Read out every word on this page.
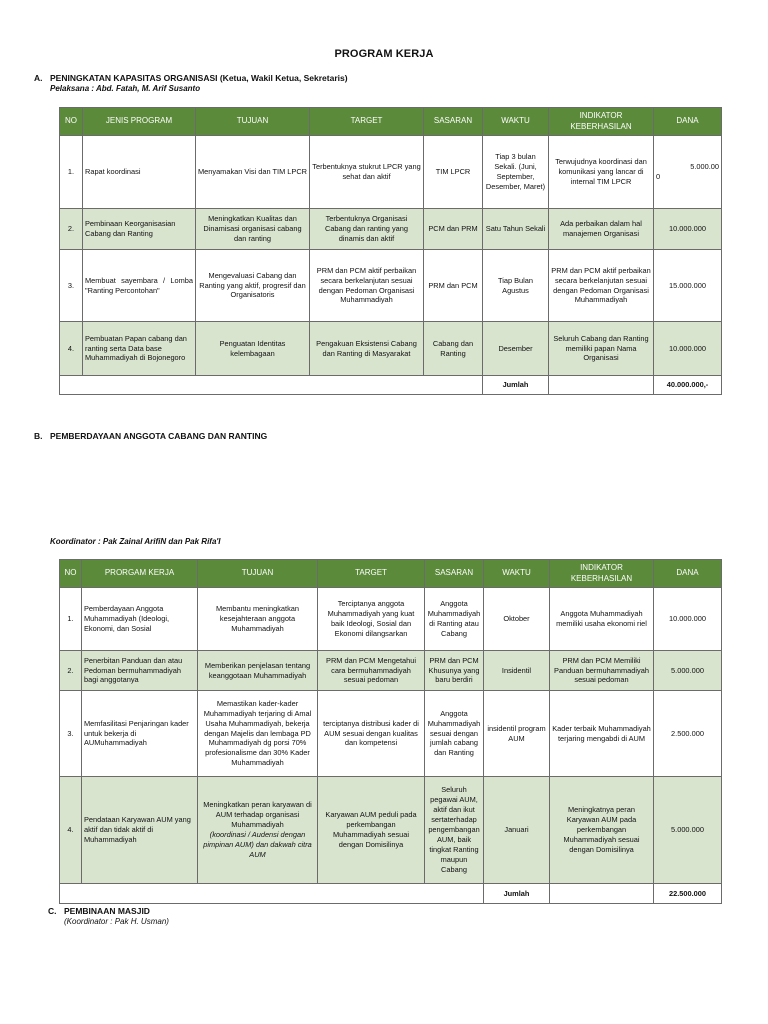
PROGRAM KERJA
A. PENINGKATAN KAPASITAS ORGANISASI (Ketua, Wakil Ketua, Sekretaris)
Pelaksana : Abd. Fatah, M. Arif Susanto
NO	JENIS PROGRAM	TUJUAN	TARGET	SASARAN	WAKTU	INDIKATOR KEBERHASILAN	DANA
1.	Rapat koordinasi	Menyamakan Visi dan TIM LPCR	Terbentuknya stukrut LPCR yang sehat dan aktif	TIM LPCR	Tiap 3 bulan Sekali. (Juni, September, Desember, Maret)	Terwujudnya koordinasi dan komunikasi yang lancar di internal TIM LPCR	5.000.00

0

2.	Pembinaan Keorganisasian Cabang dan Ranting	Meningkatkan Kualitas dan Dinamisasi organisasi cabang dan ranting	Terbentuknya Organisasi Cabang dan ranting yang dinamis dan aktif	PCM dan PRM	Satu Tahun Sekali	Ada perbaikan dalam hal manajemen Organisasi	10.000.000
3.	Membuat sayembara / Lomba "Ranting Percontohan"	Mengevaluasi Cabang dan Ranting yang aktif, progresif dan Organisatoris	PRM dan PCM aktif perbaikan secara berkelanjutan sesuai dengan Pedoman Organisasi Muhammadiyah	PRM dan PCM	Tiap Bulan Agustus	PRM dan PCM aktif perbaikan secara berkelanjutan sesuai dengan Pedoman Organisasi Muhammadiyah	15.000.000
4.	Pembuatan Papan cabang dan ranting serta Data base Muhammadiyah di Bojonegoro	Penguatan Identitas kelembagaan	Pengakuan Eksistensi Cabang dan Ranting di Masyarakat	Cabang dan Ranting	Desember	Seluruh Cabang dan Ranting memiliki papan Nama Organisasi	10.000.000
					Jumlah		40.000.000,-
B. PEMBERDAYAAN ANGGOTA CABANG DAN RANTING
Koordinator : Pak Zainal ArifiN dan Pak Rifa'I
NO	PRORGAM KERJA	TUJUAN	TARGET	SASARAN	WAKTU	INDIKATOR KEBERHASILAN	DANA
1.	Pemberdayaan Anggota Muhammadiyah (Ideologi, Ekonomi, dan Sosial	Membantu meningkatkan kesejahteraan anggota Muhammadiyah	Terciptanya anggota Muhammadiyah yang kuat baik Ideologi, Sosial dan Ekonomi dilangsarkan	Anggota Muhammadiyah di Ranting atau Cabang	Oktober	Anggota Muhammadiyah memiliki usaha ekonomi riel	10.000.000
2.	Penerbitan Panduan dan atau Pedoman bermuhammadiyah bagi anggotanya	Memberikan penjelasan tentang keanggotaan Muhammadiyah	PRM dan PCM Mengetahui cara bermuhammadiyah sesuai pedoman	PRM dan PCM Khusunya yang baru berdiri	Insidentil	PRM dan PCM Memiliki Panduan bermuhammadiyah sesuai pedoman	5.000.000
3.	Memfasilitasi Penjaringan kader untuk bekerja di AUMuhammadiyah	Memastikan kader-kader Muhammadiyah terjaring di Amal Usaha Muhammadiyah, bekerja dengan Majelis dan lembaga PD Muhammadiyah dg porsi 70% profesionalisme dan 30% Kader Muhammadiyah	terciptanya distribusi kader di AUM sesuai dengan kualitas dan kompetensi	Anggota Muhammadiyah sesuai dengan jumlah cabang dan Ranting	insidentil program AUM	Kader terbaik Muhammadiyah terjaring mengabdi di AUM	2.500.000
4.	Pendataan Karyawan AUM yang aktif dan tidak aktif di Muhammadiyah	Meningkatkan peran karyawan di AUM terhadap organisasi Muhammadiyah
(koordinasi / Audensi dengan pimpinan AUM) dan dakwah citra AUM	Karyawan AUM peduli pada perkembangan Muhammadiyah sesuai dengan Domisilinya	Seluruh pegawai AUM, aktif dan ikut sertaterhadap pengembangan AUM, baik tingkat Ranting maupun Cabang	Januari	Meningkatnya peran Karyawan AUM pada perkembangan Muhammadiyah sesuai dengan Domisilinya	5.000.000
					Jumlah		22.500.000
C. PEMBINAAN MASJID
(Koordinator : Pak H. Usman)
